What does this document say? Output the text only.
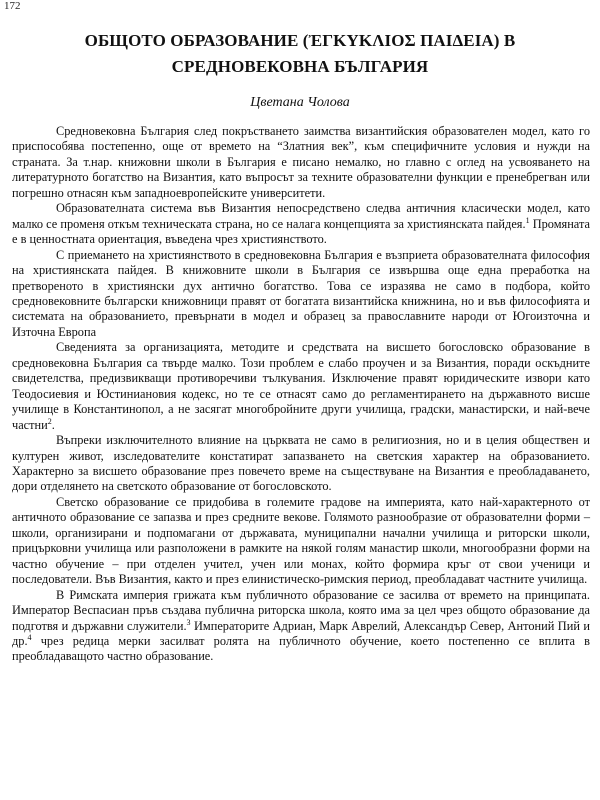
172
ОБЩОТО ОБРАЗОВАНИЕ (ἘΓΚΥΚΛΙΟΣ ΠΑΙΔΕΙΑ) В СРЕДНОВЕКОВНА БЪЛГАРИЯ
Цветана Чолова

Средновековна България след покръстването заимства византийския образователен модел, като го приспособява постепенно, още от времето на “Златния век”, към специфичните условия и нужди на страната. За т.нар. книжовни школи в България е писано немалко, но главно с оглед на усвояването на литературното богатство на Византия, като въпросът за техните образователни функции е пренебрегван или погрешно отнасян към западноевропейските университети.

Образователната система във Византия непосредствено следва античния класически модел, като малко се променя откъм техническата страна, но се налага концепцията за християнската пайдея.$^1$ Промяната е в ценностната ориентация, въведена чрез християнството.

С приемането на християнството в средновековна България е възприета образователната философия на християнската пайдея. В книжовните школи в България се извършва още една преработка на претвореното в християнски дух антично богатство. Това се изразява не само в подбора, който средновековните български книжовници правят от богатата византийска книжнина, но и във философията и системата на образованието, превърнати в модел и образец за православните народи от Югоизточна и Източна Европа

Сведенията за организацията, методите и средствата на висшето богословско образование в средновековна България са твърде малко. Този проблем е слабо проучен и за Византия, поради оскъдните свидетелства, предизвикващи противоречиви тълкувания. Изключение правят юридическите извори като Теодосиевия и Юстиниановия кодекс, но те се отнасят само до регламентирането на държавното висше училище в Константинопол, а не засягат многобройните други училища, градски, манастирски, и най-вече частни$^2$.

Въпреки изключителното влияние на църквата не само в религиозния, но и в целия обществен и културен живот, изследователите констатират запазването на светския характер на образованието. Характерно за висшето образование през повечето време на съществуване на Византия е преобладаването, дори отделянето на светското образование от богословското.

Светско образование се придобива в големите градове на империята, като най-характерното от античното образование се запазва и през средните векове. Голямото разнообразие от образователни форми – школи, организирани и подпомагани от държавата, муниципални начални училища и риторски школи, прицърковни училища или разположени в рамките на някой голям манастир школи, многообразни форми на частно обучение – при отделен учител, учен или монах, който формира кръг от свои ученици и последователи. Във Византия, както и през елинистическо-римския период, преобладават частните училища.

В Римската империя грижата към публичното образование се засилва от времето на принципата. Император Веспасиан пръв създава публична риторска школа, която има за цел чрез общото образование да подготвя и държавни служители.$^3$ Императорите Адриан, Марк Аврелий, Александър Север, Антоний Пий и др.$^4$ чрез редица мерки засилват ролята на публичното обучение, което постепенно се вплита в преобладаващото частно образование.
